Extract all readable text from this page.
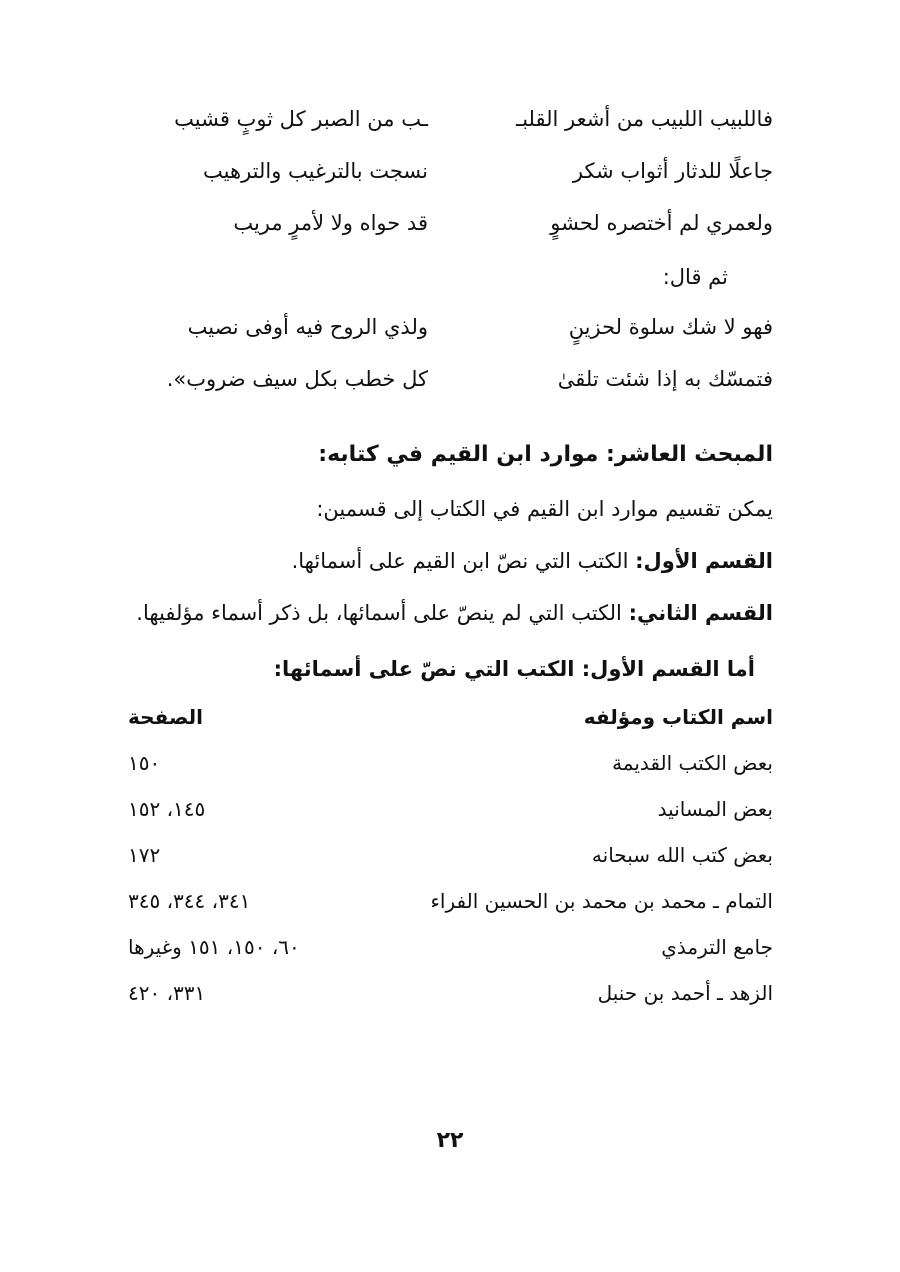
فاللبيب اللبيب من أشعر القلبـ
ـب من الصبر كل ثوبٍ قشيب
جاعلًا للدثار أثواب شكر
نسجت بالترغيب والترهيب
ولعمري لم أختصره لحشوٍ
قد حواه ولا لأمرٍ مريب
ثم قال:
فهو لا شك سلوة لحزينٍ
ولذي الروح فيه أوفى نصيب
فتمسّك به إذا شئت تلقىٰ
كل خطب بكل سيف ضروب».
المبحث العاشر: موارد ابن القيم في كتابه:
يمكن تقسيم موارد ابن القيم في الكتاب إلى قسمين:
القسم الأول: الكتب التي نصّ ابن القيم على أسمائها.
القسم الثاني: الكتب التي لم ينصّ على أسمائها، بل ذكر أسماء مؤلفيها.
أما القسم الأول: الكتب التي نصّ على أسمائها:
اسم الكتاب ومؤلفه
الصفحة
بعض الكتب القديمة
١٥٠
بعض المسانيد
١٤٥، ١٥٢
بعض كتب الله سبحانه
١٧٢
التمام ـ محمد بن محمد بن الحسين الفراء
٣٤١، ٣٤٤، ٣٤٥
جامع الترمذي
٦٠، ١٥٠، ١٥١ وغيرها
الزهد ـ أحمد بن حنبل
٣٣١، ٤٢٠
٢٢
